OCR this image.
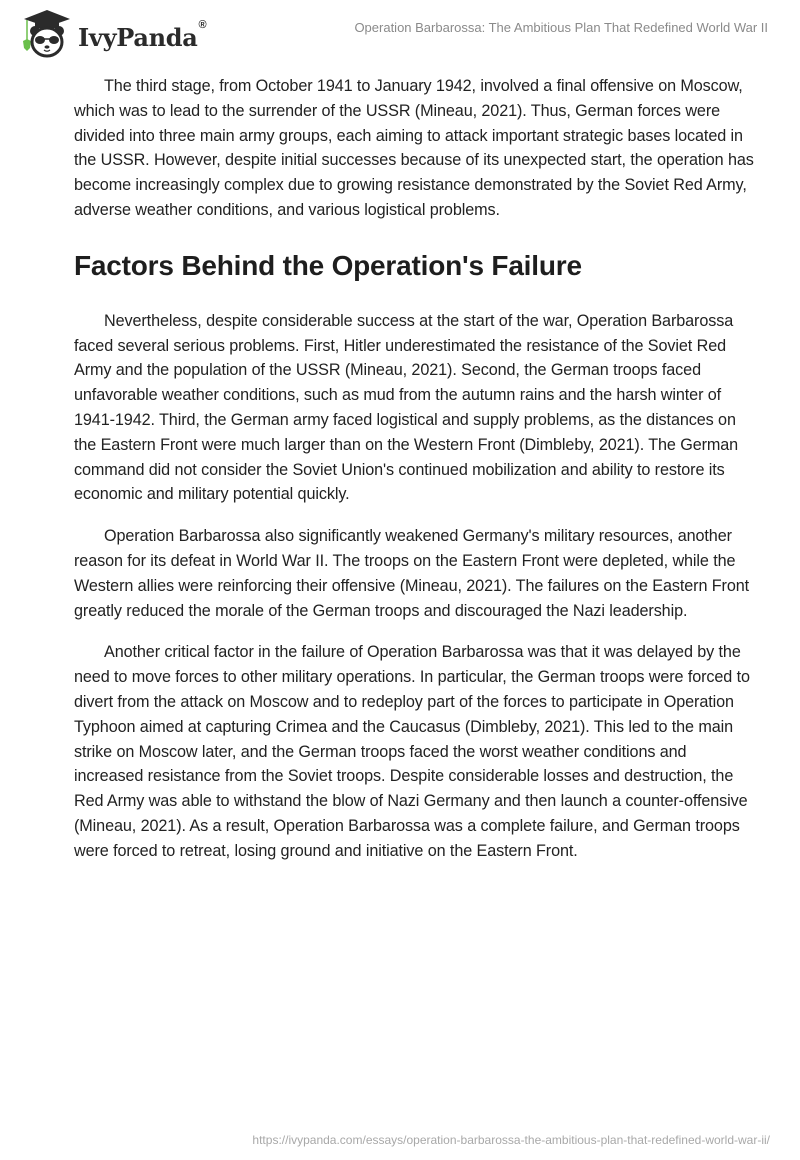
IvyPanda®	Operation Barbarossa: The Ambitious Plan That Redefined World War II

The third stage, from October 1941 to January 1942, involved a final offensive on Moscow, which was to lead to the surrender of the USSR (Mineau, 2021). Thus, German forces were divided into three main army groups, each aiming to attack important strategic bases located in the USSR. However, despite initial successes because of its unexpected start, the operation has become increasingly complex due to growing resistance demonstrated by the Soviet Red Army, adverse weather conditions, and various logistical problems.

Factors Behind the Operation's Failure

Nevertheless, despite considerable success at the start of the war, Operation Barbarossa faced several serious problems. First, Hitler underestimated the resistance of the Soviet Red Army and the population of the USSR (Mineau, 2021). Second, the German troops faced unfavorable weather conditions, such as mud from the autumn rains and the harsh winter of 1941-1942. Third, the German army faced logistical and supply problems, as the distances on the Eastern Front were much larger than on the Western Front (Dimbleby, 2021). The German command did not consider the Soviet Union's continued mobilization and ability to restore its economic and military potential quickly.

Operation Barbarossa also significantly weakened Germany's military resources, another reason for its defeat in World War II. The troops on the Eastern Front were depleted, while the Western allies were reinforcing their offensive (Mineau, 2021). The failures on the Eastern Front greatly reduced the morale of the German troops and discouraged the Nazi leadership.

Another critical factor in the failure of Operation Barbarossa was that it was delayed by the need to move forces to other military operations. In particular, the German troops were forced to divert from the attack on Moscow and to redeploy part of the forces to participate in Operation Typhoon aimed at capturing Crimea and the Caucasus (Dimbleby, 2021). This led to the main strike on Moscow later, and the German troops faced the worst weather conditions and increased resistance from the Soviet troops. Despite considerable losses and destruction, the Red Army was able to withstand the blow of Nazi Germany and then launch a counter-offensive (Mineau, 2021). As a result, Operation Barbarossa was a complete failure, and German troops were forced to retreat, losing ground and initiative on the Eastern Front.

https://ivypanda.com/essays/operation-barbarossa-the-ambitious-plan-that-redefined-world-war-ii/
